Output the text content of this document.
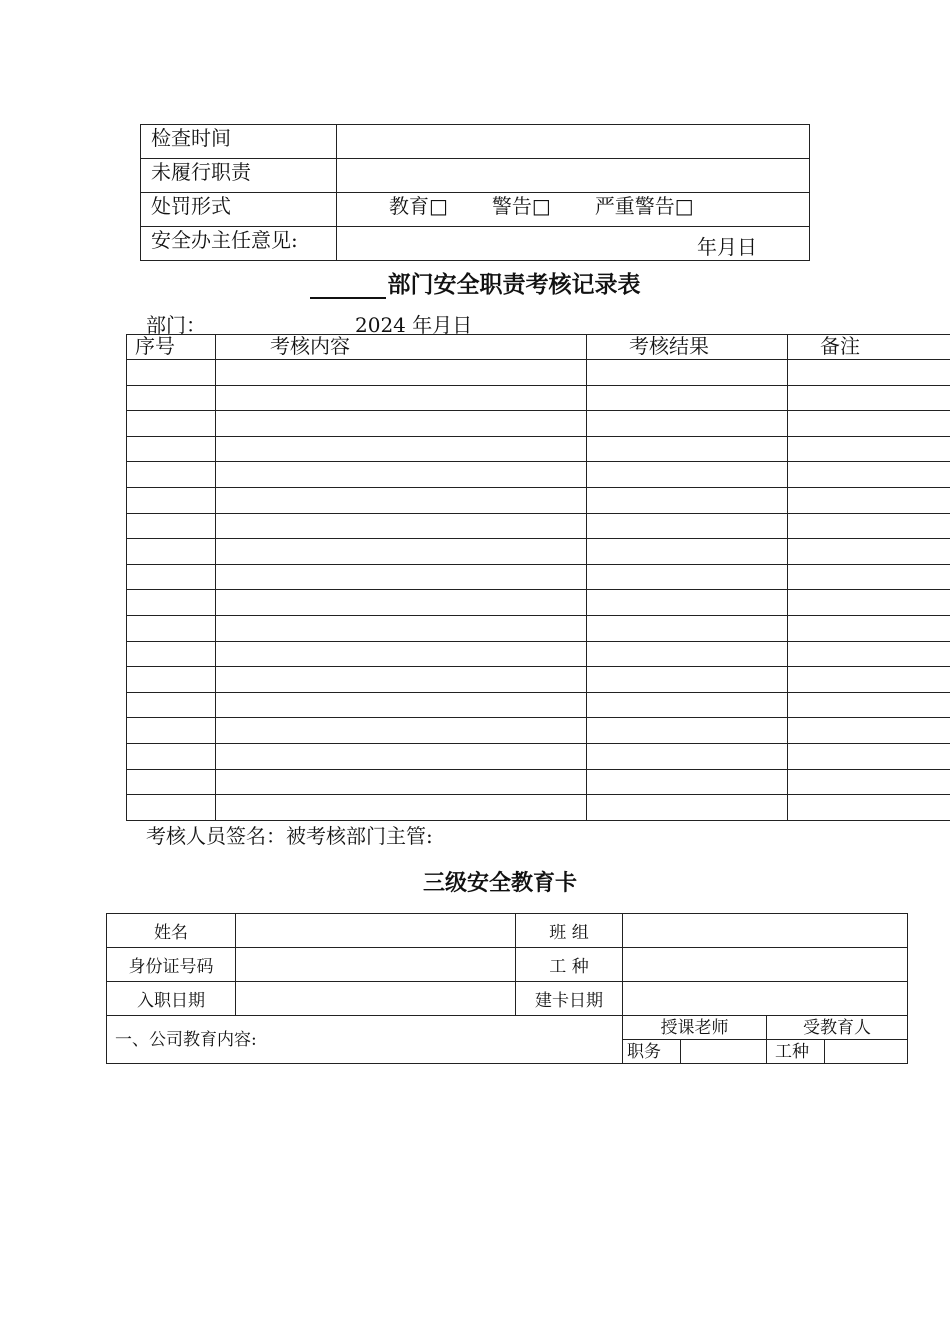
检查时间	
未履行职责	
处罚形式	教育□ 警告□ 严重警告□
安全办主任意见:	年月日
部门安全职责考核记录表
部门：	2024 年月日
序号	考核内容	考核结果	备注

考核人员签名：被考核部门主管:
三级安全教育卡
姓名		班 组				
身份证号码		工 种				
入职日期		建卡日期				
一、公司教育内容:			授课老师		受教育人	
			职务		工种	
